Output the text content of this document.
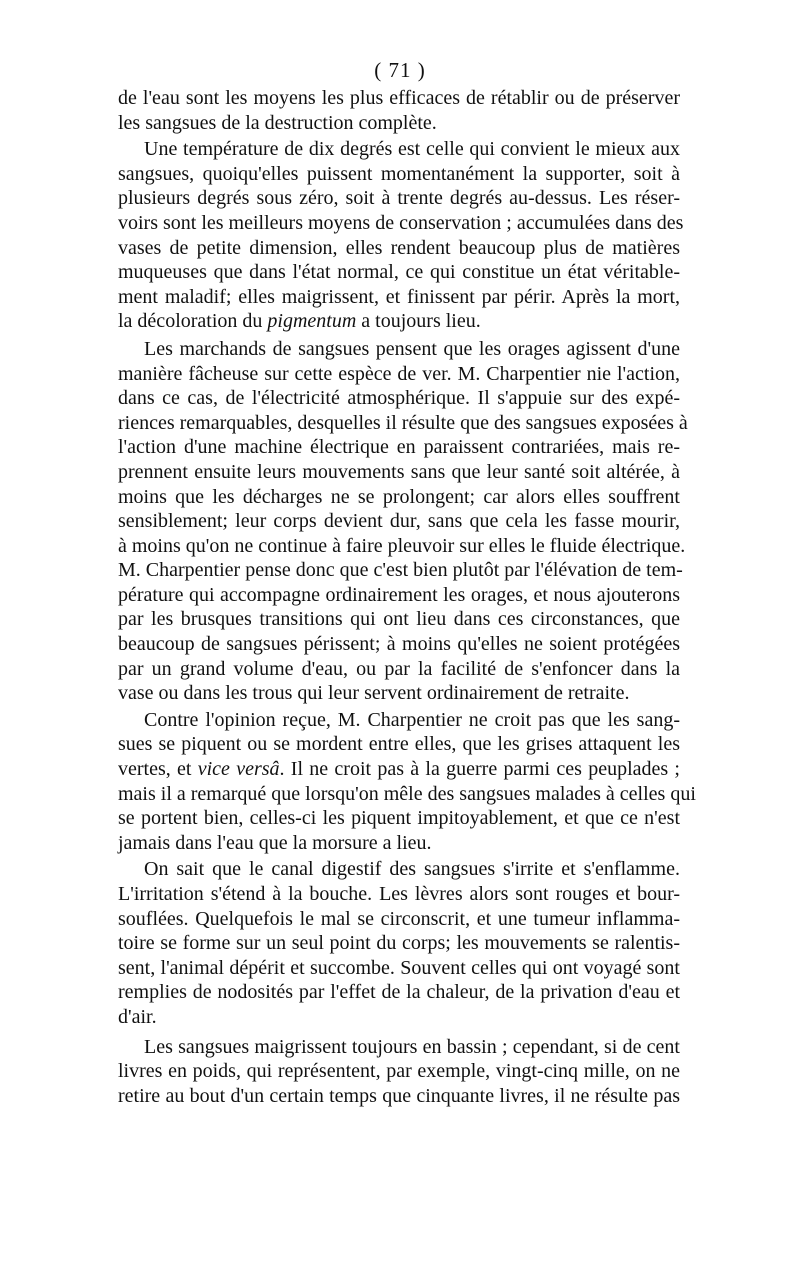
( 71 )
de l'eau sont les moyens les plus efficaces de rétablir ou de préserver
les sangsues de la destruction complète.
Une température de dix degrés est celle qui convient le mieux aux
sangsues, quoiqu'elles puissent momentanément la supporter, soit à
plusieurs degrés sous zéro, soit à trente degrés au-dessus. Les réser-
voirs sont les meilleurs moyens de conservation ; accumulées dans des
vases de petite dimension, elles rendent beaucoup plus de matières
muqueuses que dans l'état normal, ce qui constitue un état véritable-
ment maladif; elles maigrissent, et finissent par périr. Après la mort,
la décoloration du pigmentum a toujours lieu.
Les marchands de sangsues pensent que les orages agissent d'une
manière fâcheuse sur cette espèce de ver. M. Charpentier nie l'action,
dans ce cas, de l'électricité atmosphérique. Il s'appuie sur des expé-
riences remarquables, desquelles il résulte que des sangsues exposées à
l'action d'une machine électrique en paraissent contrariées, mais re-
prennent ensuite leurs mouvements sans que leur santé soit altérée, à
moins que les décharges ne se prolongent; car alors elles souffrent
sensiblement; leur corps devient dur, sans que cela les fasse mourir,
à moins qu'on ne continue à faire pleuvoir sur elles le fluide électrique.
M. Charpentier pense donc que c'est bien plutôt par l'élévation de tem-
pérature qui accompagne ordinairement les orages, et nous ajouterons
par les brusques transitions qui ont lieu dans ces circonstances, que
beaucoup de sangsues périssent; à moins qu'elles ne soient protégées
par un grand volume d'eau, ou par la facilité de s'enfoncer dans la
vase ou dans les trous qui leur servent ordinairement de retraite.
Contre l'opinion reçue, M. Charpentier ne croit pas que les sang-
sues se piquent ou se mordent entre elles, que les grises attaquent les
vertes, et vice versâ. Il ne croit pas à la guerre parmi ces peuplades ;
mais il a remarqué que lorsqu'on mêle des sangsues malades à celles qui
se portent bien, celles-ci les piquent impitoyablement, et que ce n'est
jamais dans l'eau que la morsure a lieu.
On sait que le canal digestif des sangsues s'irrite et s'enflamme.
L'irritation s'étend à la bouche. Les lèvres alors sont rouges et bour-
souflées. Quelquefois le mal se circonscrit, et une tumeur inflamma-
toire se forme sur un seul point du corps; les mouvements se ralentis-
sent, l'animal dépérit et succombe. Souvent celles qui ont voyagé sont
remplies de nodosités par l'effet de la chaleur, de la privation d'eau et
d'air.
Les sangsues maigrissent toujours en bassin ; cependant, si de cent
livres en poids, qui représentent, par exemple, vingt-cinq mille, on ne
retire au bout d'un certain temps que cinquante livres, il ne résulte pas
